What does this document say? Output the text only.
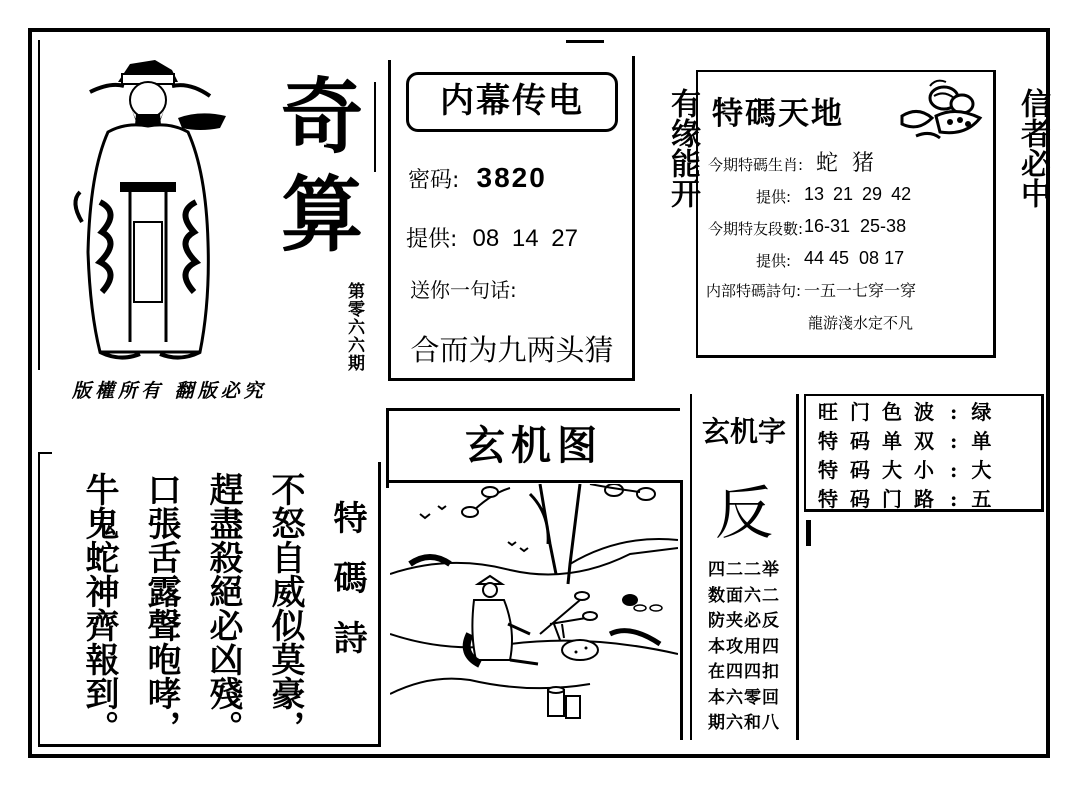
奇
算
第零六六期
版權所有 翻版必究
内幕传电
密码: 3820
提供: 08 14 27
送你一句话:
合而为九两头猜
有缘能开 特碼天地
今期特碼生肖: 蛇  猪
提供: 13 21 29 42
今期特友段數: 16-31  25-38
提供: 44 45  08 17
内部特碼詩句: 一五一七穿一穿
龍游淺水定不凡
信者必中
玄机图	玄机字
反
四二二举
数面六二
防夹必反
本攻用四
在四四扣
本六零回
期六和八
旺门色波 : 绿
特码单双 : 单
特码大小 : 大
特码门路 : 五
特碼詩
不怒自威似莫豪，
趕盡殺絕必凶殘。
口張舌露聲咆哮，
牛鬼蛇神齊報到。
